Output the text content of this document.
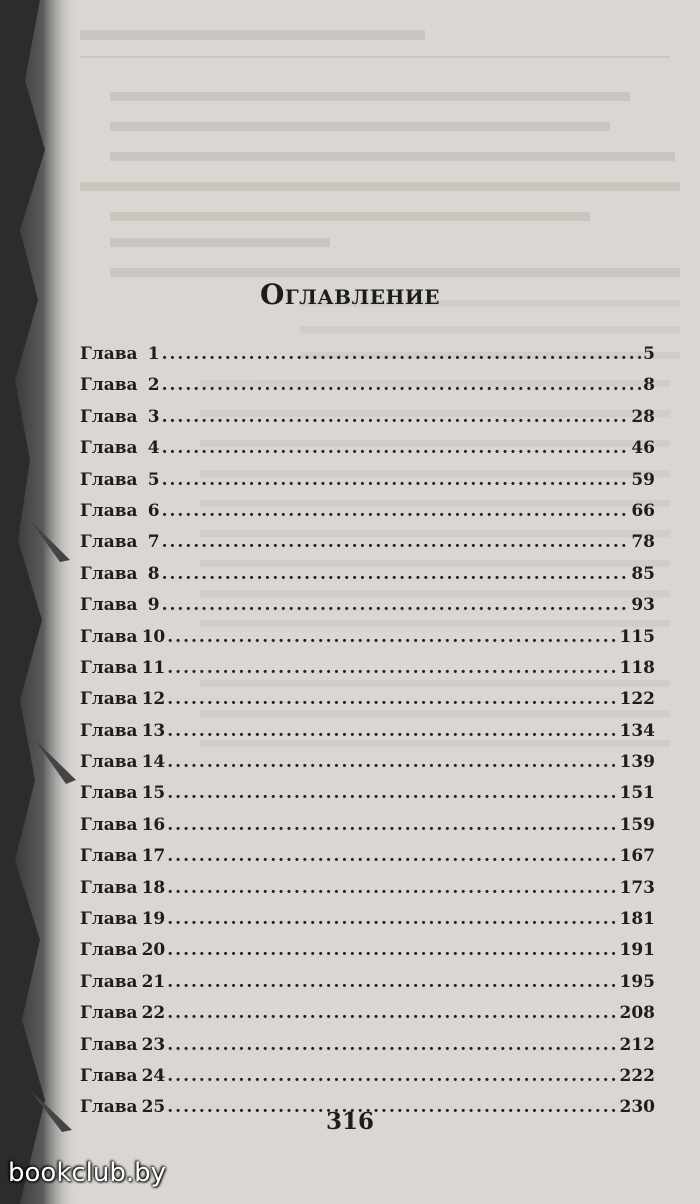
Оглавление
Глава 1 .....	5
Глава 2 .....	8
Глава 3 .....	28
Глава 4 .....	46
Глава 5 .....	59
Глава 6 .....	66
Глава 7 .....	78
Глава 8 .....	85
Глава 9 .....	93
Глава 10 .....	115
Глава 11 .....	118
Глава 12 .....	122
Глава 13 .....	134
Глава 14 .....	139
Глава 15 .....	151
Глава 16 .....	159
Глава 17 .....	167
Глава 18 .....	173
Глава 19 .....	181
Глава 20 .....	191
Глава 21 .....	195
Глава 22 .....	208
Глава 23 .....	212
Глава 24 .....	222
Глава 25 .....	230
316
bookclub.by
